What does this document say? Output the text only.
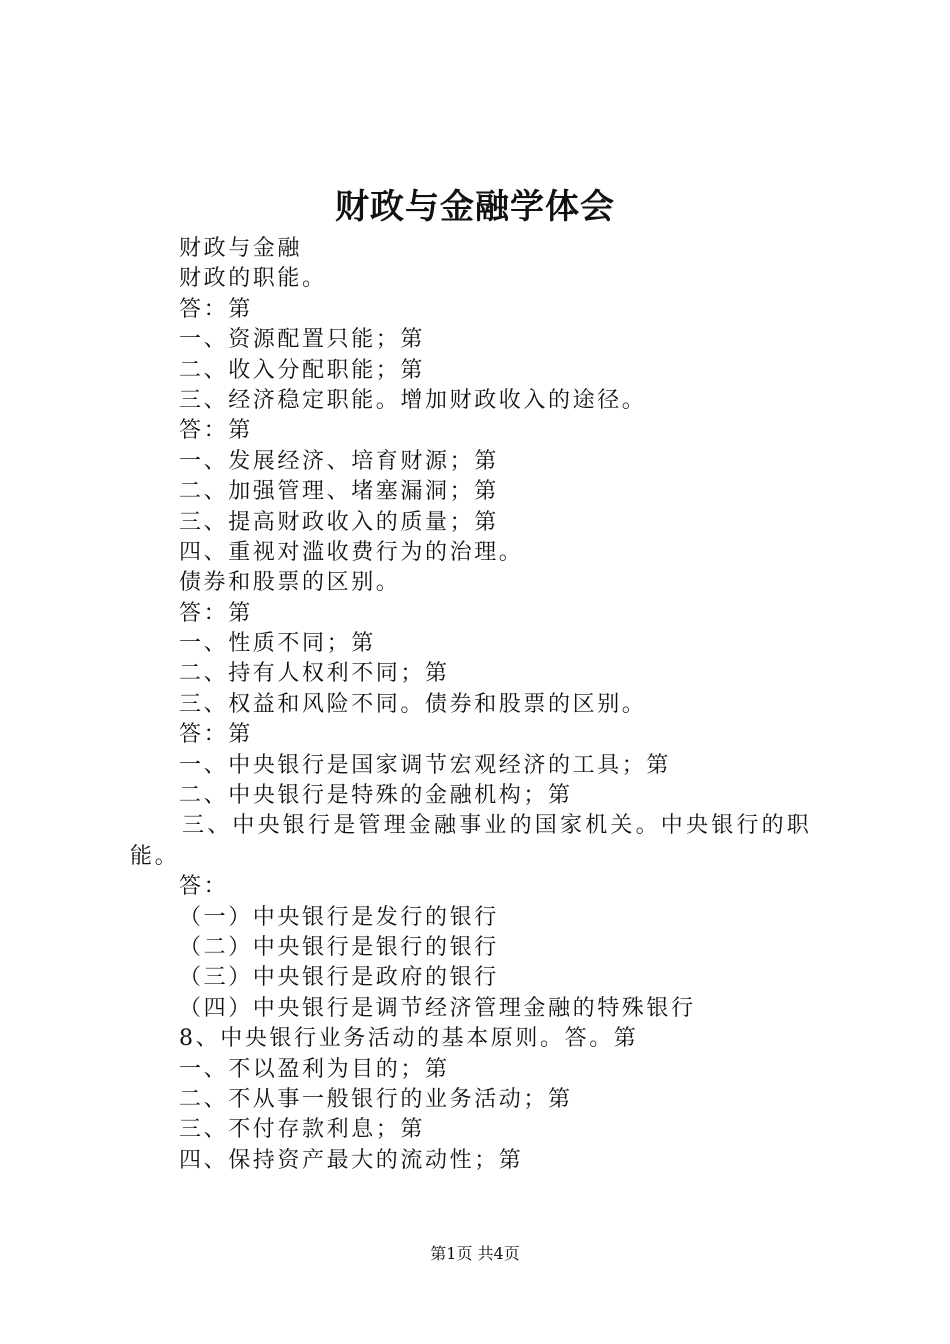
财政与金融学体会
财政与金融
财政的职能。
答：第
一、资源配置只能；第
二、收入分配职能；第
三、经济稳定职能。增加财政收入的途径。
答：第
一、发展经济、培育财源；第
二、加强管理、堵塞漏洞；第
三、提高财政收入的质量；第
四、重视对滥收费行为的治理。
债券和股票的区别。
答：第
一、性质不同；第
二、持有人权利不同；第
三、权益和风险不同。债券和股票的区别。
答：第
一、中央银行是国家调节宏观经济的工具；第
二、中央银行是特殊的金融机构；第
三、中央银行是管理金融事业的国家机关。中央银行的职
能。
答：
（一）中央银行是发行的银行
（二）中央银行是银行的银行
（三）中央银行是政府的银行
（四）中央银行是调节经济管理金融的特殊银行
8、中央银行业务活动的基本原则。答。第
一、不以盈利为目的；第
二、不从事一般银行的业务活动；第
三、不付存款利息；第
四、保持资产最大的流动性；第
第1页 共4页
